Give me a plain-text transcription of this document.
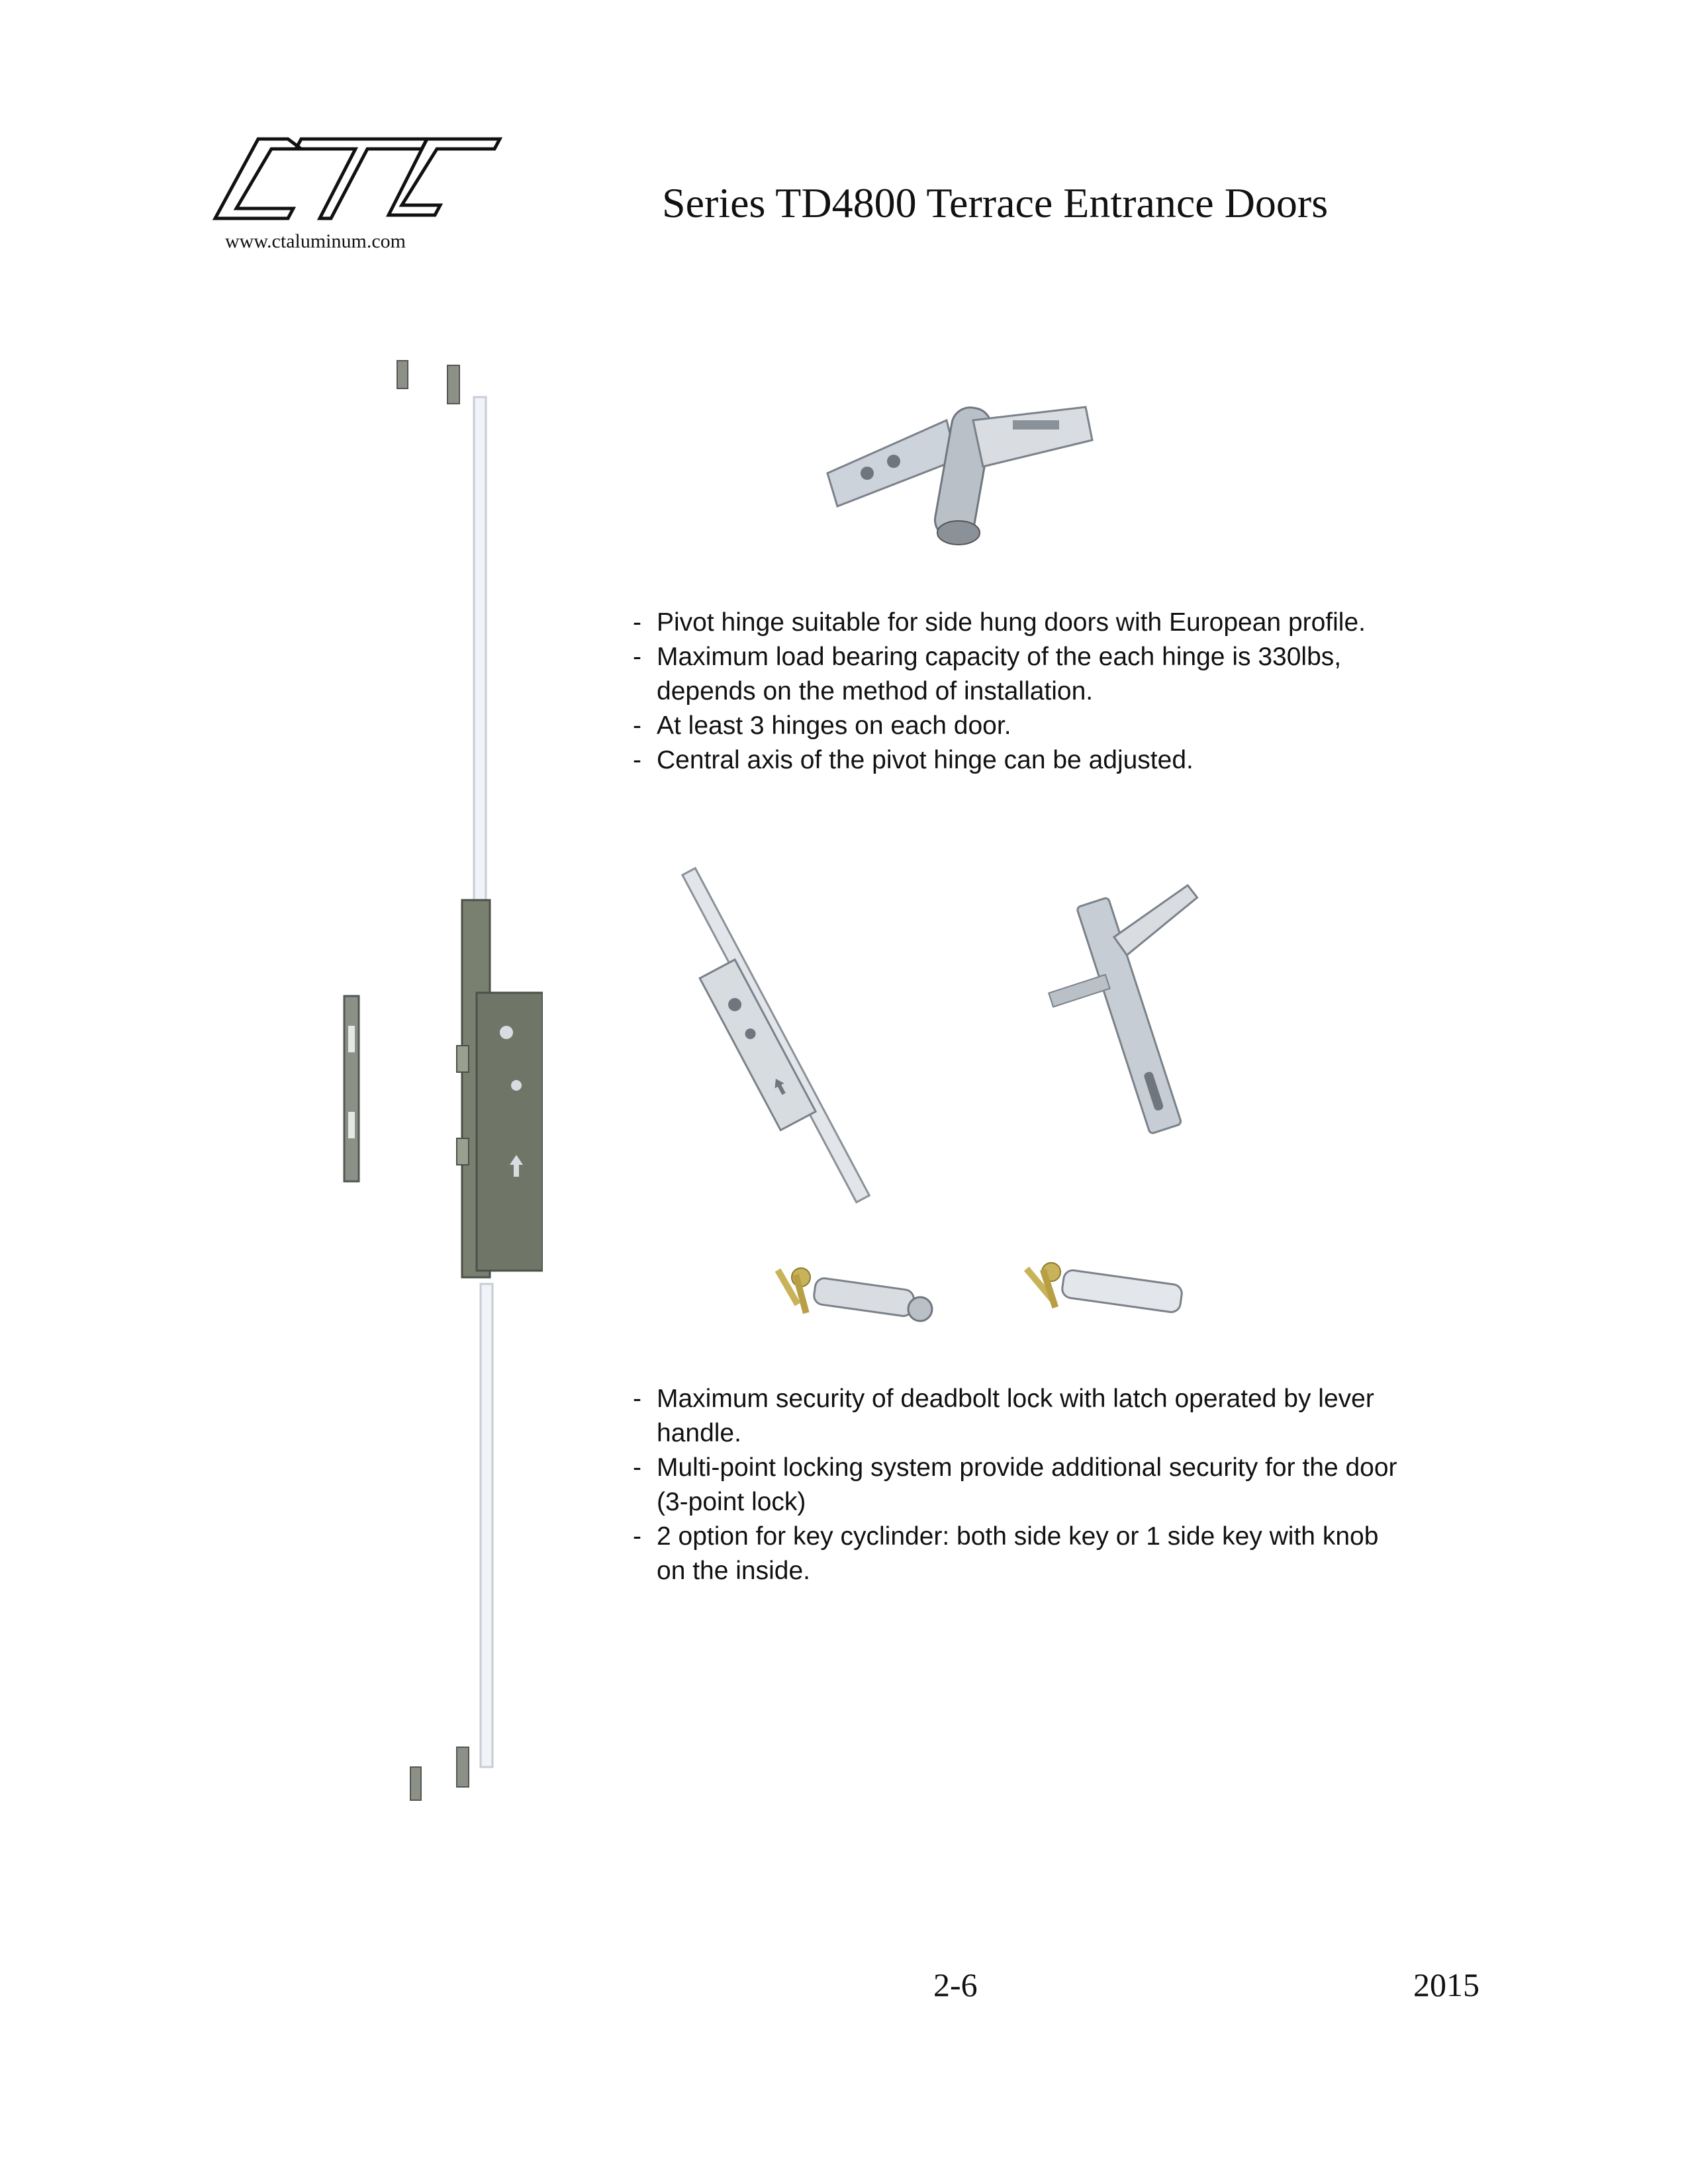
www.ctaluminum.com
Series TD4800 Terrace Entrance Doors
- Pivot hinge suitable for side hung doors with European profile.
- Maximum load bearing capacity of the each hinge is 330lbs, depends on the method of installation.
- At least 3 hinges on each door.
- Central axis of the pivot hinge can be adjusted.
- Maximum security of deadbolt lock with latch operated by lever handle.
- Multi-point locking system provide additional security for the door (3-point lock)
- 2 option for key cyclinder: both side key or 1 side key with knob on the inside.
2-6	2015
